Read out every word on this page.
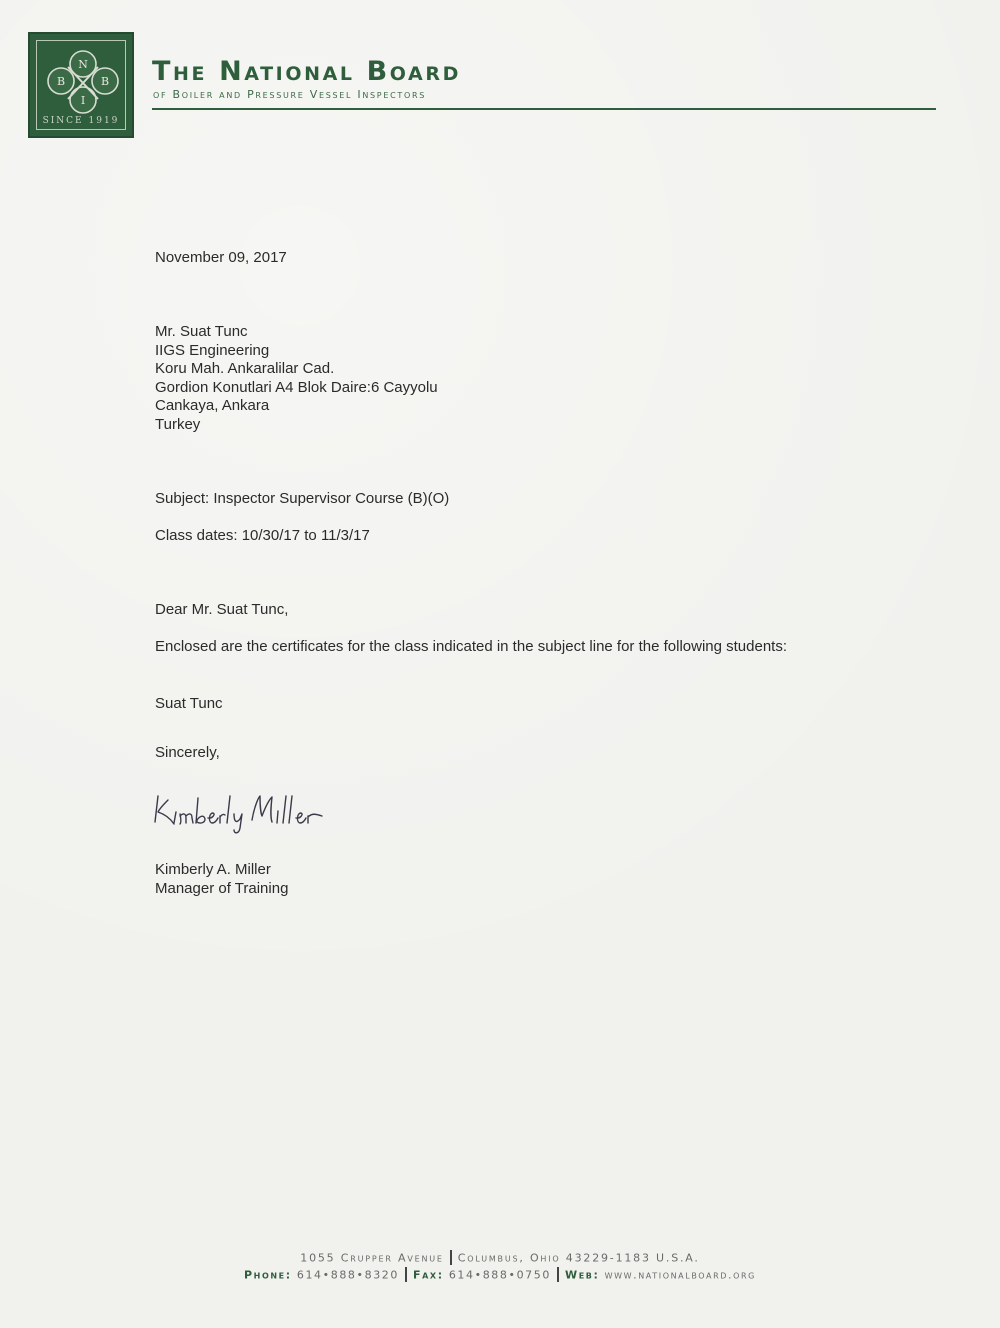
N
B	B
I
SINCE 1919
The National Board
of Boiler and Pressure Vessel Inspectors
November 09, 2017
Mr. Suat Tunc
IIGS Engineering
Koru Mah. Ankaralilar Cad.
Gordion Konutlari A4 Blok Daire:6 Cayyolu
Cankaya, Ankara
Turkey
Subject: Inspector Supervisor Course (B)(O)
Class dates: 10/30/17 to 11/3/17
Dear Mr. Suat Tunc,
Enclosed are the certificates for the class indicated in the subject line for the following students:
Suat Tunc
Sincerely,
Kimberly Miller
Kimberly A. Miller
Manager of Training
1055 Crupper Avenue Columbus, Ohio 43229-1183 U.S.A.
Phone: 614•888•8320 Fax: 614•888•0750 Web: www.nationalboard.org
